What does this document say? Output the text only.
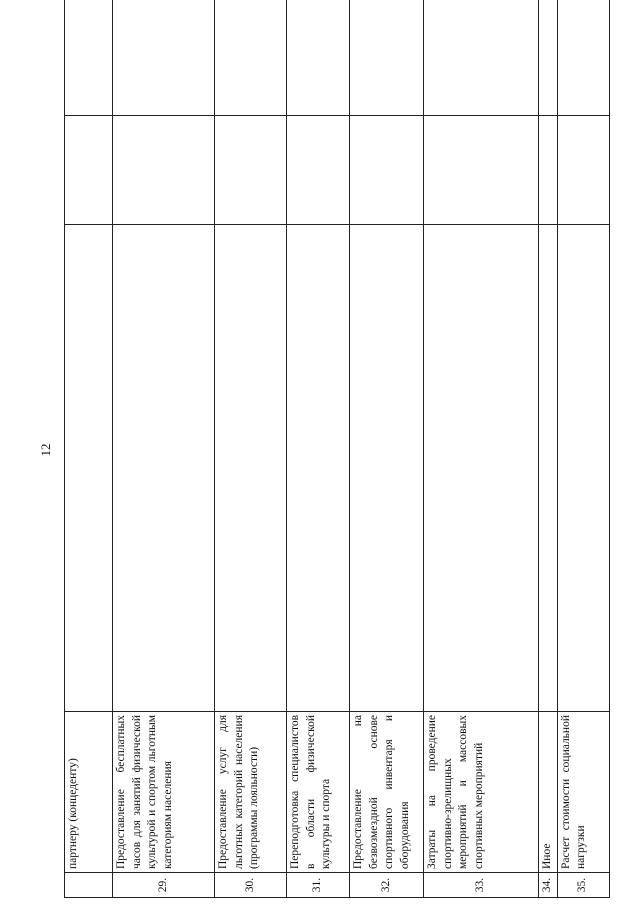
12
	партнеру (концеденту)			
29.	Предоставление бесплатных часов для занятий физической культурой и спортом льготным категориям населения			
30.	Предоставление услуг для льготных категорий населения (программы лояльности)			
31.	Переподготовка специалистов в области физической культуры и спорта			
32.	Предоставление на безвозмездной основе спортивного инвентаря и оборудования			
33.	Затраты на проведение спортивно-зрелищных мероприятий и массовых спортивных мероприятий			
34.	Иное			
35.	Расчет стоимости социальной нагрузки			
